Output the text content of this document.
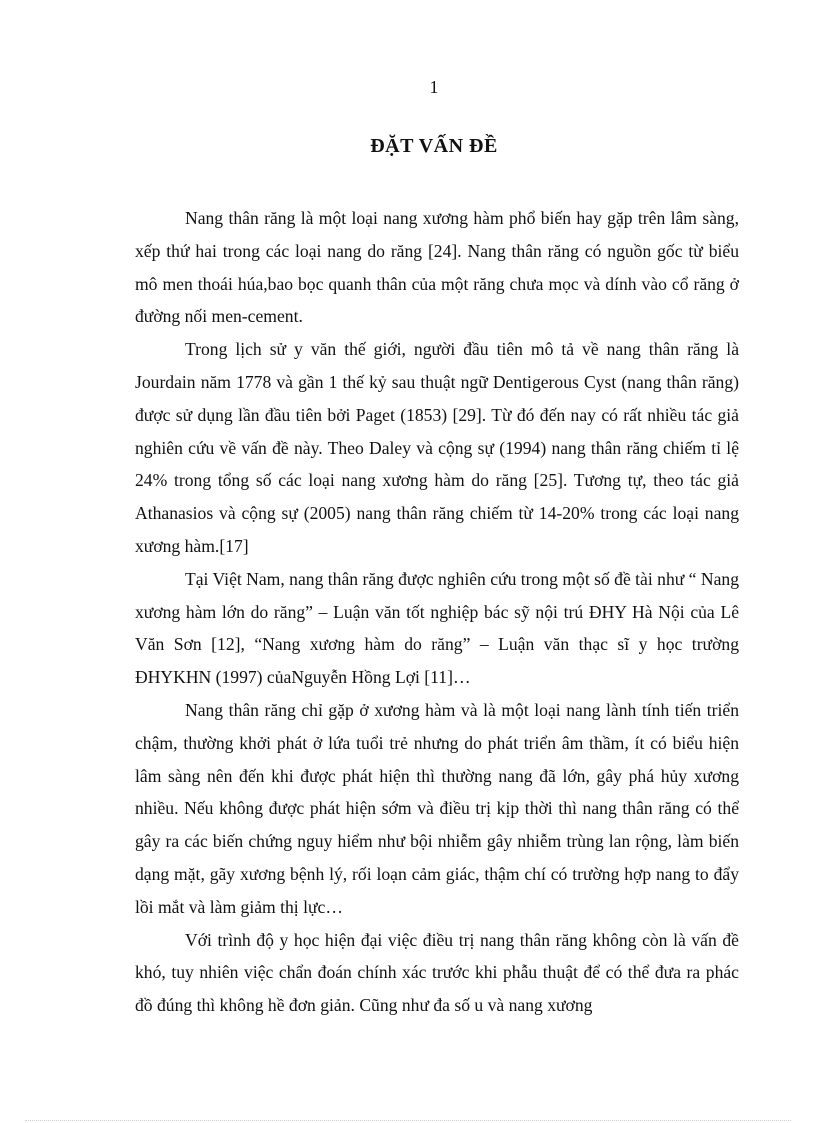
1
ĐẶT VẤN ĐỀ

Nang thân răng là một loại nang xương hàm phổ biến hay gặp trên lâm sàng, xếp thứ hai trong các loại nang do răng [24]. Nang thân răng có nguồn gốc từ biểu mô men thoái húa,bao bọc quanh thân của một răng chưa mọc và dính vào cổ răng ở đường nối men-cement.

Trong lịch sử y văn thế giới, người đầu tiên mô tả về nang thân răng là Jourdain năm 1778 và gần 1 thế kỷ sau thuật ngữ Dentigerous Cyst (nang thân răng) được sử dụng lần đầu tiên bởi Paget (1853) [29]. Từ đó đến nay có rất nhiều tác giả nghiên cứu về vấn đề này. Theo Daley và cộng sự (1994) nang thân răng chiếm tỉ lệ 24% trong tổng số các loại nang xương hàm do răng [25]. Tương tự, theo tác giả Athanasios và cộng sự (2005) nang thân răng chiếm từ 14-20% trong các loại nang xương hàm.[17]

Tại Việt Nam, nang thân răng được nghiên cứu trong một số đề tài như “ Nang xương hàm lớn do răng” – Luận văn tốt nghiệp bác sỹ nội trú ĐHY Hà Nội của Lê Văn Sơn [12], “Nang xương hàm do răng” – Luận văn thạc sĩ y học trường ĐHYKHN (1997) củaNguyễn Hồng Lợi [11]…

Nang thân răng chỉ gặp ở xương hàm và là một loại nang lành tính tiến triển chậm, thường khởi phát ở lứa tuổi trẻ nhưng do phát triển âm thầm, ít có biểu hiện lâm sàng nên đến khi được phát hiện thì thường nang đã lớn, gây phá hủy xương nhiều. Nếu không được phát hiện sớm và điều trị kịp thời thì nang thân răng có thể gây ra các biến chứng nguy hiểm như bội nhiễm gây nhiễm trùng lan rộng, làm biến dạng mặt, gãy xương bệnh lý, rối loạn cảm giác, thậm chí có trường hợp nang to đẩy lồi mắt và làm giảm thị lực…

Với trình độ y học hiện đại việc điều trị nang thân răng không còn là vấn đề khó, tuy nhiên việc chẩn đoán chính xác trước khi phẫu thuật để có thể đưa ra phác đồ đúng thì không hề đơn giản. Cũng như đa số u và nang xương
